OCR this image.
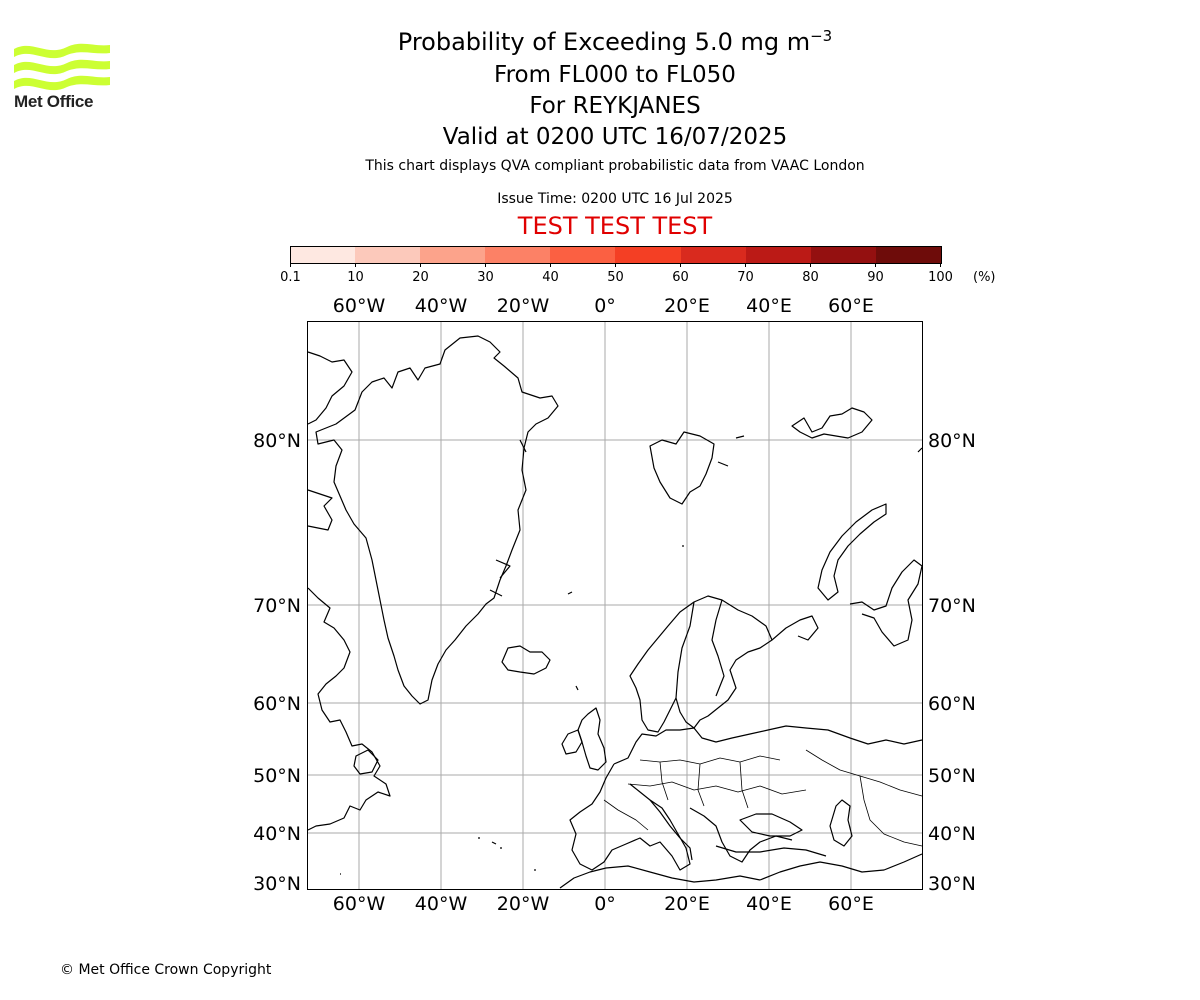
Met Office
Probability of Exceeding 5.0 mg $m^{-3}$
From FL000 to FL050
For REYKJANES
Valid at 0200 UTC 16/07/2025
This chart displays QVA compliant probabilistic data from VAAC London
Issue Time: 0200 UTC 16 Jul 2025
TEST TEST TEST
0.1	10	20	30	40	50	60	70	80	90	100 (%)
60°W 40°W 20°W 0°	20°E 40°E 60°E
60°W 40°W 20°W 0°	20°E 40°E 60°E
80°N
70°N
60°N
50°N
40°N
30°N
80°N
70°N
60°N
50°N
40°N
30°N
© Met Office Crown Copyright
